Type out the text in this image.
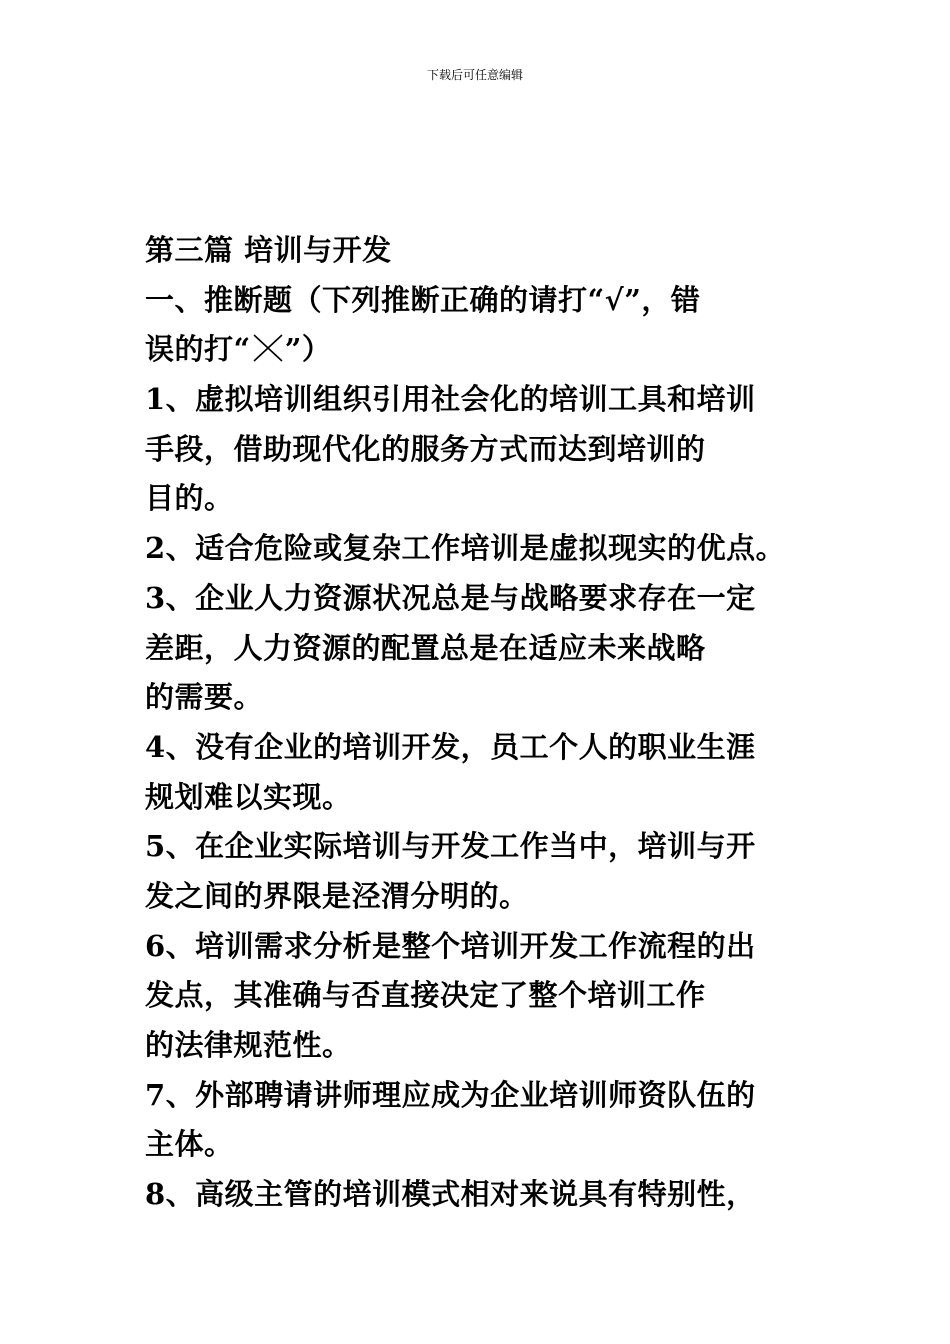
下载后可任意编辑
第三篇 培训与开发
一、推断题（下列推断正确的请打“√”，错
误的打“ ”）
1、虚拟培训组织引用社会化的培训工具和培训
手段，借助现代化的服务方式而达到培训的
目的。
2、适合危险或复杂工作培训是虚拟现实的优点。
3、企业人力资源状况总是与战略要求存在一定
差距，人力资源的配置总是在适应未来战略
的需要。
4、没有企业的培训开发，员工个人的职业生涯
规划难以实现。
5、在企业实际培训与开发工作当中，培训与开
发之间的界限是泾渭分明的。
6、培训需求分析是整个培训开发工作流程的出
发点，其准确与否直接决定了整个培训工作
的法律规范性。
7、外部聘请讲师理应成为企业培训师资队伍的
主体。
8、高级主管的培训模式相对来说具有特别性，
